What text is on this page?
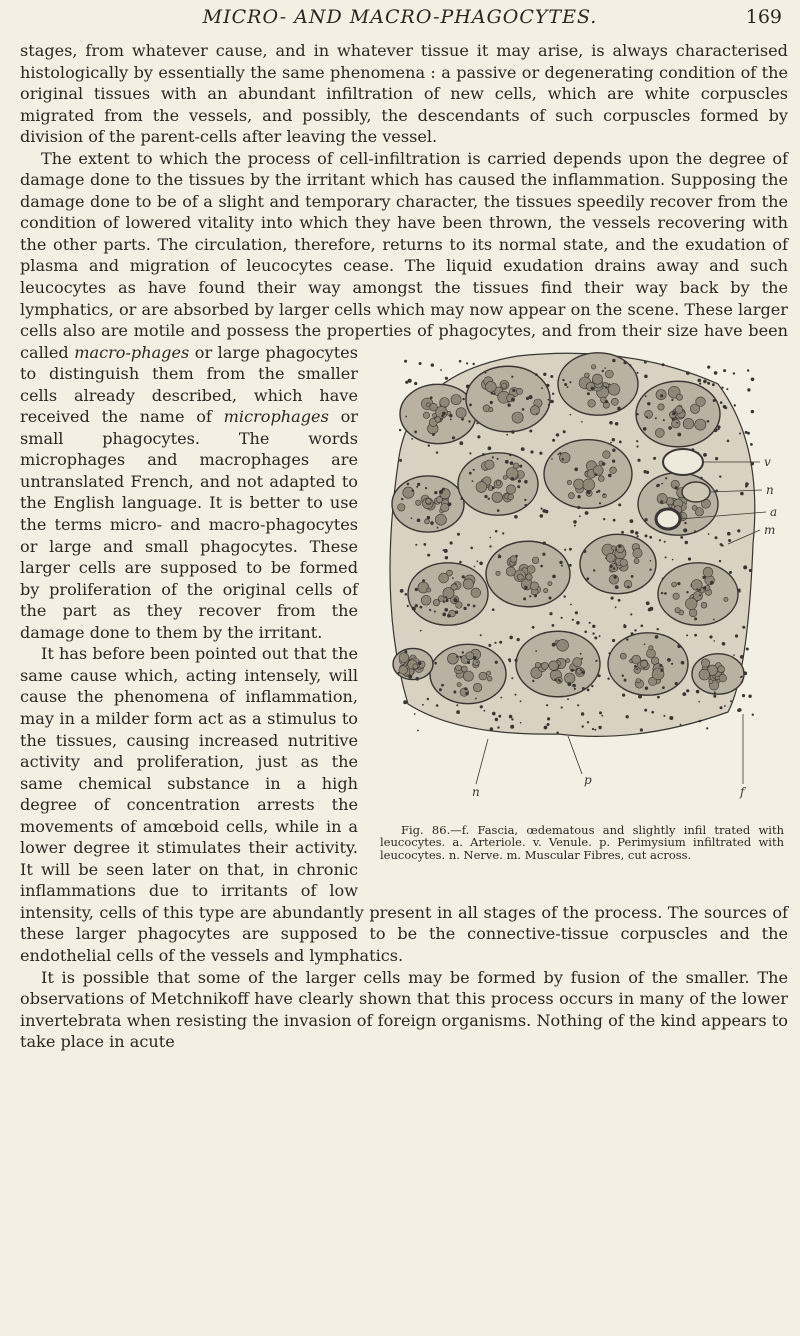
MICRO- AND MACRO-PHAGOCYTES.	169

stages, from whatever cause, and in whatever tissue it may arise, is always characterised histologically by essentially the same phenomena : a passive or degenerating condition of the original tissues with an abundant infiltration of new cells, which are white corpuscles migrated from the vessels, and possibly, the descendants of such corpuscles formed by division of the parent-cells after leaving the vessel.

The extent to which the process of cell-infiltration is carried depends upon the degree of damage done to the tissues by the irritant which has caused the inflammation. Supposing the damage done to be of a slight and temporary character, the tissues speedily recover from the condition of lowered vitality into which they have been thrown, the vessels recovering with the other parts. The circulation, therefore, returns to its normal state, and the exudation of plasma and migration of leucocytes cease. The liquid exudation drains away and such leucocytes as have found their way amongst the tissues find their way back by the lymphatics, or are absorbed by larger cells which may now appear on the scene. These larger cells also are motile and possess the properties of phagocytes, and from their size have been called
v
n
a
m
n
p
f
Fig. 86.—f. Fascia, œdematous and slightly infil trated with leucocytes. a. Arteriole. v. Venule. p. Perimysium infiltrated with leucocytes. n. Nerve. m. Muscular Fibres, cut across.
macro-phages or large phagocytes to distinguish them from the smaller cells already described, which have received the name of microphages or small phagocytes. The words microphages and macrophages are untranslated French, and not adapted to the English language. It is better to use the terms micro- and macro-phagocytes or large and small phagocytes. These larger cells are supposed to be formed by proliferation of the original cells of the part as they recover from the damage done to them by the irritant.

It has before been pointed out that the same cause which, acting intensely, will cause the phenomena of inflammation, may in a milder form act as a stimulus to the tissues, causing increased nutritive activity and proliferation, just as the same chemical substance in a high degree of concentration arrests the movements of amœboid cells, while in a lower degree it stimulates their activity. It will be seen later on that, in chronic inflammations due to irritants of low intensity, cells of this type are abundantly present in all stages of the process. The sources of these larger phagocytes are supposed to be the connective-tissue corpuscles and the endothelial cells of the vessels and lymphatics.

It is possible that some of the larger cells may be formed by fusion of the smaller. The observations of Metchnikoff have clearly shown that this process occurs in many of the lower invertebrata when resisting the invasion of foreign organisms. Nothing of the kind appears to take place in acute
